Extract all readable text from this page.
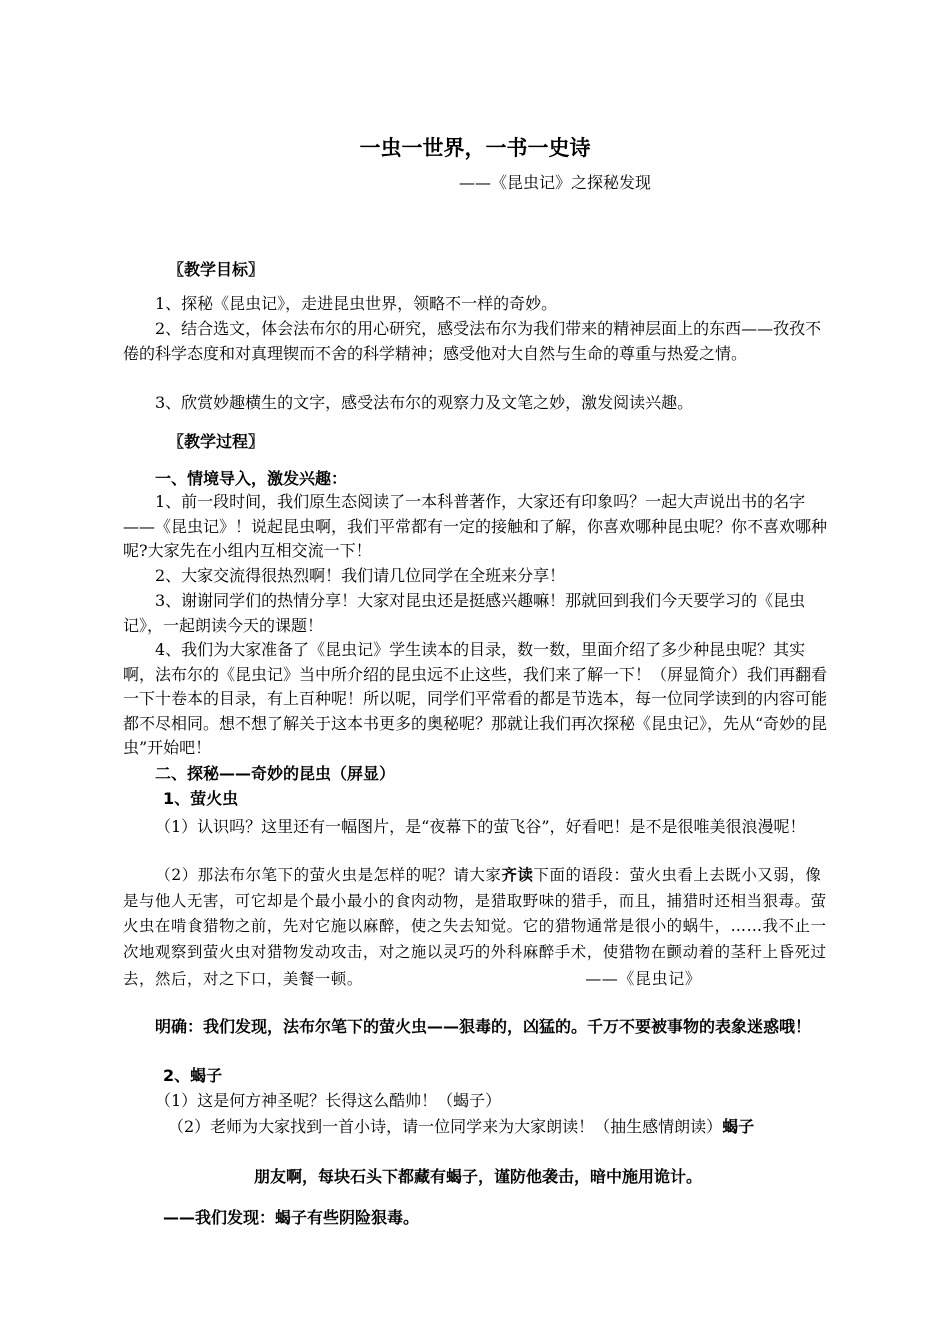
一虫一世界，一书一史诗

——《昆虫记》之探秘发现

〖教学目标〗

1、探秘《昆虫记》，走进昆虫世界，领略不一样的奇妙。

2、结合选文，体会法布尔的用心研究，感受法布尔为我们带来的精神层面上的东西——孜孜不倦的科学态度和对真理锲而不舍的科学精神；感受他对大自然与生命的尊重与热爱之情。

3、欣赏妙趣横生的文字，感受法布尔的观察力及文笔之妙，激发阅读兴趣。

〖教学过程〗
一、情境导入，激发兴趣：

1、前一段时间，我们原生态阅读了一本科普著作，大家还有印象吗？一起大声说出书的名字——《昆虫记》！说起昆虫啊，我们平常都有一定的接触和了解，你喜欢哪种昆虫呢？你不喜欢哪种呢?大家先在小组内互相交流一下！

2、大家交流得很热烈啊！我们请几位同学在全班来分享！

3、谢谢同学们的热情分享！大家对昆虫还是挺感兴趣嘛！那就回到我们今天要学习的《昆虫记》，一起朗读今天的课题！

4、我们为大家准备了《昆虫记》学生读本的目录，数一数，里面介绍了多少种昆虫呢？其实啊，法布尔的《昆虫记》当中所介绍的昆虫远不止这些，我们来了解一下！（屏显简介）我们再翻看一下十卷本的目录，有上百种呢！所以呢，同学们平常看的都是节选本，每一位同学读到的内容可能都不尽相同。想不想了解关于这本书更多的奥秘呢？那就让我们再次探秘《昆虫记》，先从“奇妙的昆虫”开始吧！

二、探秘——奇妙的昆虫（屏显）
1、萤火虫

（1）认识吗？这里还有一幅图片，是“夜幕下的萤飞谷”，好看吧！是不是很唯美很浪漫呢！

（2）那法布尔笔下的萤火虫是怎样的呢？请大家齐读下面的语段：萤火虫看上去既小又弱，像是与他人无害，可它却是个最小最小的食肉动物，是猎取野味的猎手，而且，捕猎时还相当狠毒。萤火虫在啃食猎物之前，先对它施以麻醉，使之失去知觉。它的猎物通常是很小的蜗牛，……我不止一次地观察到萤火虫对猎物发动攻击，对之施以灵巧的外科麻醉手术，使猎物在颤动着的茎秆上昏死过去，然后，对之下口，美餐一顿。	——《昆虫记》

明确：我们发现，法布尔笔下的萤火虫——狠毒的，凶猛的。千万不要被事物的表象迷惑哦！

2、蝎子

（1）这是何方神圣呢？长得这么酷帅！（蝎子）

（2）老师为大家找到一首小诗，请一位同学来为大家朗读！（抽生感情朗读）蝎子

朋友啊，每块石头下都藏有蝎子，谨防他袭击，暗中施用诡计。

——我们发现：蝎子有些阴险狠毒。
